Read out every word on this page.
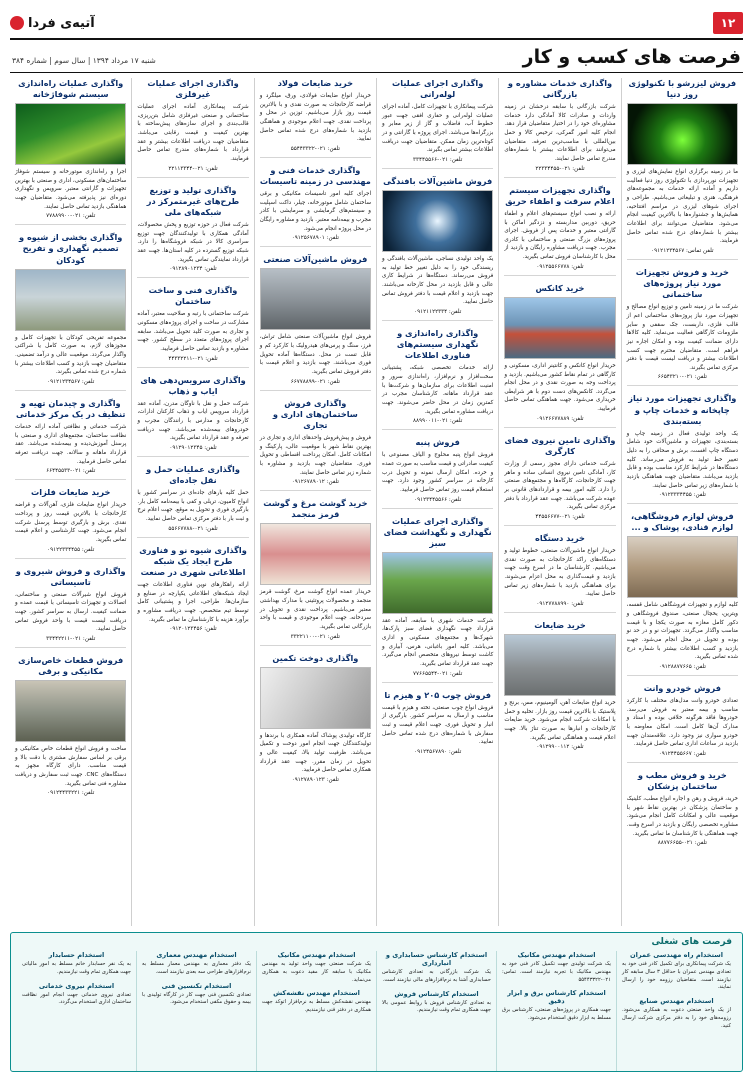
۱۲
آتیه‌ی فردا
فرصت های کسب و کار
شنبه ۱۷ مرداد ۱۳۹۴ | سال سوم | شماره ۳۸۴
فروش لیزرشو با تکنولوژی روز دنیا

ما در زمینه برگزاری انواع نمایش‌های لیزری و تجهیزات نورپردازی با تکنولوژی روز دنیا فعالیت داریم و آماده ارائه خدمات به مجموعه‌های فرهنگی، هنری و تبلیغاتی می‌باشیم. طراحی و اجرای شوهای لیزری در مراسم افتتاحیه، همایش‌ها و جشنواره‌ها با بالاترین کیفیت انجام می‌شود. متقاضیان می‌توانند برای اطلاعات بیشتر با شماره‌های درج شده تماس حاصل فرمایند.

تلفن تماس: ۰۹۱۲۱۲۳۴۵۶۷
خرید و فروش تجهیزات مورد نیاز پروژه‌های ساختمانی

شرکت ما در زمینه تامین و توزیع انواع مصالح و تجهیزات مورد نیاز پروژه‌های ساختمانی اعم از قالب فلزی، داربست، جک سقفی و سایر ملزومات کارگاهی فعالیت می‌نماید. کلیه کالاها دارای ضمانت کیفیت بوده و امکان اجاره نیز فراهم است. متقاضیان محترم جهت کسب اطلاعات بیشتر و دریافت لیست قیمت با دفتر مرکزی تماس بگیرند.

تلفن: ۰۲۱-۶۶۵۴۳۲۱۰
واگذاری تجهیزات مورد نیاز چاپخانه و خدمات چاپ و بسته‌بندی

یک واحد تولیدی فعال در زمینه چاپ و بسته‌بندی، تجهیزات و ماشین‌آلات خود شامل دستگاه چاپ افست، برش و صحافی را به دلیل تغییر خط تولید به فروش می‌رساند. کلیه دستگاه‌ها در شرایط کارکرد مناسب بوده و قابل بازدید می‌باشد. متقاضیان جهت هماهنگی بازدید با شماره‌های زیر تماس حاصل نمایند.

تلفن: ۰۹۱۲۳۳۳۴۴۵۵
فروش لوازم فروشگاهی، لوازم قنادی، پوشاک و ...

کلیه لوازم و تجهیزات فروشگاهی شامل قفسه، ویترین، یخچال صنعتی، صندوق فروشگاهی و دکور کامل مغازه به صورت یکجا و با قیمت مناسب واگذار می‌گردد. تجهیزات نو و در حد نو بوده و تحویل در محل انجام می‌شود. جهت بازدید و کسب اطلاعات بیشتر با شماره درج شده تماس بگیرید.

تلفن: ۰۹۱۲۸۸۷۷۶۶۵
فروش خودرو وانت

تعدادی خودرو وانت مدل‌های مختلف با کارکرد مناسب و بیمه معتبر به فروش می‌رسد. خودروها فاقد هرگونه خلافی بوده و اسناد و مدارک آن‌ها کامل است. امکان معاوضه با خودرو سواری نیز وجود دارد. علاقه‌مندان جهت بازدید در ساعات اداری تماس حاصل فرمایند.

تلفن: ۰۹۱۲۴۴۵۵۶۶۷
خرید و فروش مطب و ساختمان پزشکان

خرید، فروش و رهن و اجاره انواع مطب، کلینیک و ساختمان پزشکان در بهترین نقاط شهر با موقعیت عالی و امکانات کامل انجام می‌شود. مشاوره تخصصی رایگان و بازدید در اسرع وقت. جهت هماهنگی با کارشناسان ما تماس بگیرید.

تلفن: ۰۲۱-۸۸۷۷۶۶۵۵
واگذاری خدمات مشاوره و بازرگانی

شرکت بازرگانی با سابقه درخشان در زمینه واردات و صادرات کالا آمادگی دارد خدمات مشاوره‌ای خود را در اختیار متقاضیان قرار دهد. انجام کلیه امور گمرکی، ترخیص کالا و حمل بین‌المللی با مناسب‌ترین تعرفه. متقاضیان می‌توانند برای اطلاعات بیشتر با شماره‌های مندرج تماس حاصل نمایند.

تلفن: ۰۲۱-۲۲۳۳۴۴۵۵
واگذاری تجهیزات سیستم اعلام سرقت و اطفاء حریق

ارائه و نصب انواع سیستم‌های اعلام و اطفاء حریق، دوربین مداربسته و دزدگیر اماکن با گارانتی معتبر و خدمات پس از فروش. اجرای پروژه‌های بزرگ صنعتی و ساختمانی با کادری مجرب. جهت دریافت مشاوره رایگان و بازدید از محل با کارشناسان فروش تماس بگیرید.

تلفن: ۰۹۱۲۵۵۶۶۷۷۸
خرید کانکس

خریدار انواع کانکس و کانتینر اداری، مسکونی و کارگاهی در تمام نقاط کشور می‌باشیم. بازدید و پرداخت وجه به صورت نقدی و در محل انجام می‌گردد. کانکس‌های دست دوم با هر شرایطی خریداری می‌شود. جهت هماهنگی تماس حاصل فرمایید.

تلفن: ۰۹۱۲۶۶۷۷۸۸۹
واگذاری تامین نیروی فضای کارگری

شرکت خدماتی دارای مجوز رسمی از وزارت کار، آمادگی تامین نیروی انسانی ساده و ماهر جهت کارخانجات، کارگاه‌ها و مجتمع‌های صنعتی را دارد. کلیه امور بیمه و قراردادهای قانونی بر عهده شرکت می‌باشد. جهت عقد قرارداد با دفتر مرکزی تماس بگیرید.

تلفن: ۰۲۱-۴۴۵۵۶۶۷۷
خرید دستگاه

خریدار انواع ماشین‌آلات صنعتی، خطوط تولید و دستگاه‌های راکد کارخانجات به صورت نقدی می‌باشیم. کارشناسان ما در اسرع وقت جهت بازدید و قیمت‌گذاری به محل اعزام می‌شوند. برای هماهنگی بازدید با شماره‌های زیر تماس حاصل نمایید.

تلفن: ۰۹۱۲۷۷۸۸۹۹۰
خرید ضایعات

خرید انواع ضایعات آهن، آلومینیوم، مس، برنج و پلاستیک با بالاترین قیمت روز بازار. تخلیه و حمل با امکانات شرکت انجام می‌شود. خرید ضایعات کارخانجات و انبارها به صورت تناژ بالا. جهت اعلام قیمت و هماهنگی تماس بگیرید.

تلفن: ۰۹۱۲۹۹۰۰۱۱۲
واگذاری اجرای عملیات لوله‌رانی

شرکت پیمانکاری با تجهیزات کامل، آماده اجرای عملیات لوله‌رانی و حفاری افقی جهت عبور خطوط آب، فاضلاب و گاز از زیر معابر و بزرگراه‌ها می‌باشد. اجرای پروژه با گارانتی و در کوتاه‌ترین زمان ممکن. متقاضیان جهت دریافت اطلاعات بیشتر تماس بگیرند.

تلفن: ۰۲۱-۳۳۴۴۵۵۶۶
فروش ماشین‌آلات بافندگی

یک واحد تولیدی نساجی، ماشین‌آلات بافندگی و ریسندگی خود را به دلیل تغییر خط تولید به فروش می‌رساند. دستگاه‌ها در شرایط کاری عالی و قابل بازدید در محل کارخانه می‌باشند. جهت بازدید و اعلام قیمت با دفتر فروش تماس حاصل نمایید.

تلفن: ۰۹۱۲۱۱۲۲۳۳۴
واگذاری راه‌اندازی و نگهداری سیستم‌های فناوری اطلاعات

ارائه خدمات تخصصی شبکه، پشتیبانی سخت‌افزار و نرم‌افزار، راه‌اندازی سرور و امنیت اطلاعات برای سازمان‌ها و شرکت‌ها با عقد قرارداد ماهانه. کارشناسان مجرب در کمترین زمان در محل حاضر می‌شوند. جهت دریافت مشاوره تماس بگیرید.

تلفن: ۰۲۱-۸۸۹۹۰۰۱۱
فروش پنبه

فروش انواع پنبه محلوج و الیاف مصنوعی با کیفیت صادراتی و قیمت مناسب به صورت عمده و خرده. امکان ارسال نمونه و تحویل درب کارخانه در سراسر کشور وجود دارد. جهت استعلام قیمت روز تماس حاصل فرمایید.

تلفن: ۰۹۱۲۳۴۴۵۵۶۶
واگذاری اجرای عملیات نگهداری و نگهداشت فضای سبز

شرکت خدمات شهری با سابقه، آماده عقد قرارداد جهت نگهداری فضای سبز پارک‌ها، شهرک‌ها و مجتمع‌های مسکونی و اداری می‌باشد. کلیه امور باغبانی، هرس، آبیاری و کاشت توسط نیروهای متخصص انجام می‌گیرد. جهت عقد قرارداد تماس بگیرید.

تلفن: ۰۲۱-۷۷۶۶۵۵۴۴
فروش چوب ۲۰۵ و هیزم تا

فروش انواع چوب صنعتی، تخته و هیزم با قیمت مناسب و ارسال به سراسر کشور. بارگیری از انبار و تحویل فوری. جهت اعلام قیمت و ثبت سفارش با شماره‌های درج شده تماس حاصل نمایید.

تلفن: ۰۹۱۲۴۵۶۷۸۹۰
خرید ضایعات فولاد

خریدار انواع ضایعات فولادی، ورق، میلگرد و قراضه کارخانجات به صورت نقدی و با بالاترین قیمت روز بازار می‌باشیم. توزین در محل و پرداخت نقدی. جهت اعلام موجودی و هماهنگی بازدید با شماره‌های درج شده تماس حاصل نمایید.

تلفن: ۰۲۱-۵۵۴۴۳۳۲۲
واگذاری خدمات فنی و مهندسی در زمینه تاسیسات

اجرای کلیه امور تاسیسات مکانیکی و برقی ساختمان شامل موتورخانه، چیلر، داکت اسپلیت و سیستم‌های گرمایشی و سرمایشی با کادر مجرب و بیمه‌نامه معتبر. بازدید و مشاوره رایگان در محل پروژه انجام می‌شود.

تلفن: ۰۹۱۲۵۶۷۸۹۰۱
فروش ماشین‌آلات صنعتی

فروش انواع ماشین‌آلات صنعتی شامل تراش، فرز، سنگ و پرس‌های هیدرولیک با کارکرد کم و قابل تست در محل. دستگاه‌ها آماده تحویل فوری می‌باشند. جهت بازدید و اعلام قیمت با دفتر فروش تماس بگیرید.

تلفن: ۰۲۱-۶۶۷۷۸۸۹۹
واگذاری فروش ساختمان‌های اداری و تجاری

فروش و پیش‌فروش واحدهای اداری و تجاری در بهترین نقاط شهر با موقعیت عالی، پارکینگ و امکانات کامل. امکان پرداخت اقساطی و تحویل فوری. متقاضیان جهت بازدید و مشاوره با شماره زیر تماس حاصل نمایند.

تلفن: ۰۹۱۲۶۷۸۹۰۱۲
خرید گوشت مرغ و گوشت قرمز منجمد

خریدار عمده انواع گوشت مرغ، گوشت قرمز منجمد و محصولات پروتئینی با مدارک بهداشتی معتبر می‌باشیم. پرداخت نقدی و تحویل در سردخانه. جهت اعلام موجودی و قیمت با واحد بازرگانی تماس بگیرید.

تلفن: ۰۲۱-۳۳۲۲۱۱۰۰
واگذاری دوخت تکمین

کارگاه تولیدی پوشاک آماده همکاری با برندها و تولیدکنندگان جهت انجام امور دوخت و تکمیل می‌باشد. ظرفیت تولید بالا، کیفیت عالی و تحویل در زمان مقرر. جهت عقد قرارداد همکاری تماس حاصل فرمایید.

تلفن: ۰۹۱۲۷۸۹۰۱۲۳
واگذاری اجرای عملیات غیرفلزی

شرکت پیمانکاری آماده اجرای عملیات ساختمانی و صنعتی غیرفلزی شامل بتن‌ریزی، قالب‌بندی و اجرای سازه‌های پیش‌ساخته با بهترین کیفیت و قیمت رقابتی می‌باشد. متقاضیان جهت دریافت اطلاعات بیشتر و عقد قرارداد با شماره‌های مندرج تماس حاصل فرمایند.

تلفن: ۰۲۱-۲۲۱۱۳۳۴۴
واگذاری تولید و توزیع طرح‌های غیرمتمرکز در شبکه‌های ملی

شرکت فعال در حوزه توزیع و پخش محصولات، آمادگی همکاری با تولیدکنندگان جهت توزیع سراسری کالا در شبکه فروشگاه‌ها را دارد. شبکه توزیع گسترده در کلیه استان‌ها. جهت عقد قرارداد نمایندگی تماس بگیرید.

تلفن: ۰۹۱۲۸۹۰۱۲۳۴
واگذاری فنی و ساخت ساختمان

شرکت ساختمانی با رتبه و صلاحیت معتبر، آماده مشارکت در ساخت و اجرای پروژه‌های مسکونی و تجاری به صورت کلید تحویل می‌باشد. سابقه اجرای پروژه‌های متعدد در سطح کشور. جهت مشاوره و بازدید تماس حاصل فرمایید.

تلفن: ۰۲۱-۴۴۳۳۲۲۱۱
واگذاری سرویس‌دهی های ایاب و ذهاب

شرکت حمل و نقل با ناوگان مدرن، آماده عقد قرارداد سرویس ایاب و ذهاب کارکنان ادارات، کارخانجات و مدارس با رانندگان مجرب و خودروهای بیمه‌شده می‌باشد. جهت دریافت تعرفه و عقد قرارداد تماس بگیرید.

تلفن: ۰۹۱۲۹۰۱۲۳۴۵
واگذاری عملیات حمل و نقل جاده‌ای

حمل کلیه بارهای جاده‌ای در سراسر کشور با انواع کامیون، تریلی و کفی با بیمه‌نامه کامل بار. بارگیری فوری و تحویل به موقع. جهت اعلام نرخ و ثبت بار با دفتر مرکزی تماس حاصل نمایید.

تلفن: ۰۲۱-۵۵۶۶۷۷۸۸
واگذاری شیوه نو و فناوری طرح ایجاد یک شبکه اطلاعاتی شهری در صنعت

ارائه راهکارهای نوین فناوری اطلاعات جهت ایجاد شبکه‌های اطلاعاتی یکپارچه در صنایع و سازمان‌ها. طراحی، اجرا و پشتیبانی کامل توسط تیم متخصص. جهت دریافت مشاوره و برآورد هزینه با کارشناسان ما تماس بگیرید.

تلفن: ۰۹۱۲۰۱۲۳۴۵۶
واگذاری عملیات راه‌اندازی سیستم شوفاژخانه

اجرا و راه‌اندازی موتورخانه و سیستم شوفاژ ساختمان‌های مسکونی، اداری و صنعتی با بهترین تجهیزات و گارانتی معتبر. سرویس و نگهداری دوره‌ای نیز پذیرفته می‌شود. متقاضیان جهت هماهنگی بازدید تماس حاصل نمایند.

تلفن: ۰۲۱-۷۷۸۸۹۹۰۰
واگذاری بخشی از شیوه و تصمیم نگهداری و تفریح کودکان

مجموعه تفریحی کودکان با تجهیزات کامل و مجوزهای لازم، به صورت کامل یا شراکتی واگذار می‌گردد. موقعیت عالی و درآمد تضمینی. متقاضیان جهت بازدید و کسب اطلاعات بیشتر با شماره درج شده تماس بگیرند.

تلفن: ۰۹۱۲۱۲۳۴۵۶۷
واگذاری و چیدمان تهیه و تنظیف در یک مرکز خدماتی

شرکت خدماتی و نظافتی آماده ارائه خدمات نظافت ساختمان، مجتمع‌های اداری و صنعتی با پرسنل آموزش‌دیده و بیمه‌شده می‌باشد. عقد قرارداد ماهانه و سالانه. جهت دریافت تعرفه تماس حاصل فرمایید.

تلفن: ۰۲۱-۶۶۴۴۵۵۳۳
خرید ضایعات فلزات

خریدار انواع ضایعات فلزی، آهن‌آلات و قراضه کارخانجات با بالاترین قیمت روز و پرداخت نقدی. برش و بارگیری توسط پرسنل شرکت انجام می‌شود. جهت کارشناسی و اعلام قیمت تماس بگیرید.

تلفن: ۰۹۱۲۲۳۳۴۴۵۵
واگذاری و فروش شیروی و تاسیساتی

فروش انواع شیرآلات صنعتی و ساختمانی، اتصالات و تجهیزات تاسیساتی با قیمت عمده و ضمانت کیفیت. ارسال به سراسر کشور. جهت دریافت لیست قیمت با واحد فروش تماس حاصل نمایید.

تلفن: ۰۲۱-۳۳۴۴۲۲۱۱
فروش قطعات خاص‌سازی مکانیکی و برقی

ساخت و فروش انواع قطعات خاص مکانیکی و برقی بر اساس سفارش مشتری با دقت بالا و قیمت مناسب. دارای کارگاه مجهز به دستگاه‌های CNC. جهت ثبت سفارش و دریافت مشاوره فنی تماس بگیرید.

تلفن: ۰۹۱۲۴۴۳۳۲۲۱
فرصت های شغلی
استخدام راه مهندسی عمران

یک شرکت پیمانکاری برای تکمیل کادر فنی خود به تعدادی مهندس عمران با حداقل ۳ سال سابقه کار نیازمند است. متقاضیان رزومه خود را ارسال نمایند.

استخدام مهندس صنایع

از یک واحد صنعتی دعوت به همکاری می‌شود. رزومه‌های خود را به دفتر مرکزی شرکت ارسال کنید.

استخدام مهندس مکانیک

یک شرکت تولیدی جهت تکمیل کادر فنی خود به مهندس مکانیک با تجربه نیازمند است. تماس: ۰۲۱-۵۵۴۴۳۳۲۲

استخدام کارشناس برق و ابزار دقیق

جهت همکاری در پروژه‌های صنعتی، کارشناس برق مسلط به ابزار دقیق استخدام می‌شود.

استخدام کارشناس حسابداری و انبارداری

یک شرکت بازرگانی به تعدادی کارشناس حسابداری آشنا به نرم‌افزارهای مالی نیازمند است.

استخدام کارشناس فروش

به تعدادی کارشناس فروش با روابط عمومی بالا جهت همکاری تمام وقت نیازمندیم.

استخدام مهندس مکانیک

یک شرکت صنعتی جهت واحد تولید به مهندس مکانیک با سابقه کار مفید دعوت به همکاری می‌نماید.

استخدام مهندس نقشه‌کش

مهندس نقشه‌کش مسلط به نرم‌افزار اتوکد جهت همکاری در دفتر فنی نیازمندیم.

استخدام مهندس معماری

یک دفتر معماری به مهندس معمار مسلط به نرم‌افزارهای طراحی سه بعدی نیازمند است.

استخدام تکنسین فنی

تعدادی تکنسین فنی جهت کار در کارگاه تولیدی با بیمه و حقوق مکفی استخدام می‌شود.

استخدام حسابدار

به یک نفر حسابدار خانم مسلط به امور مالیاتی جهت همکاری تمام وقت نیازمندیم.

استخدام نیروی خدماتی

تعدادی نیروی خدماتی جهت انجام امور نظافت ساختمان اداری استخدام می‌گردد.
